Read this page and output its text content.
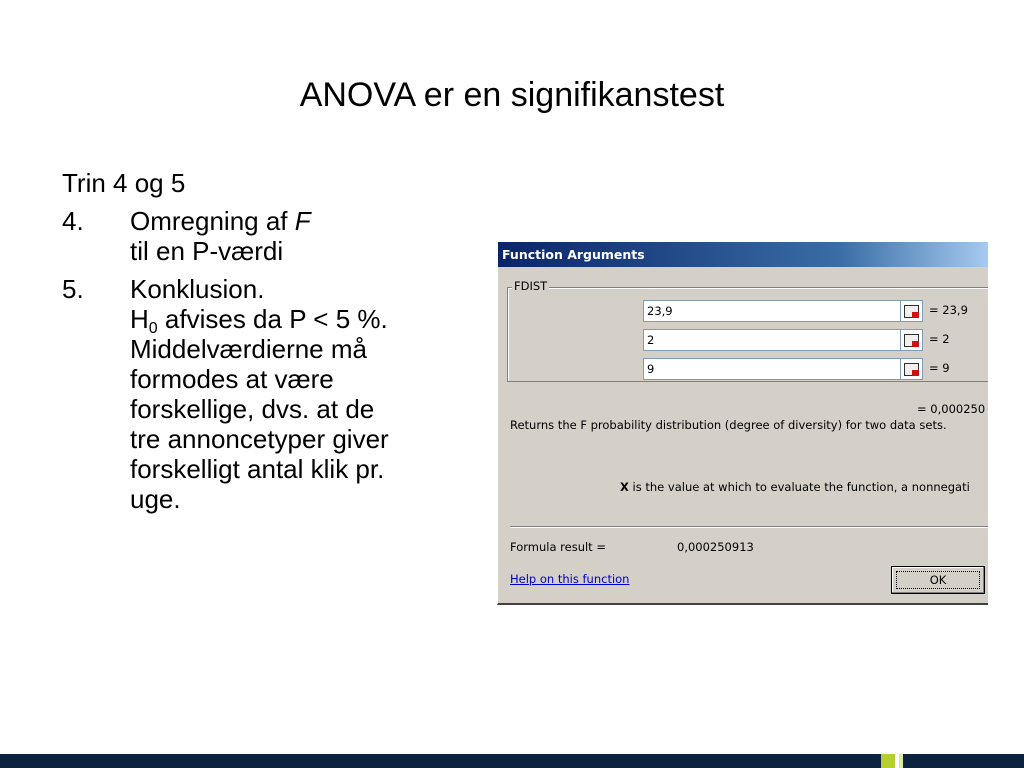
ANOVA er en signifikanstest
Trin 4 og 5
4.	Omregning af F
til en P-værdi
5.	Konklusion.
$H_0$ afvises da P < 5 %.
Middelværdierne må
formodes at være
forskellige, dvs. at de
tre annoncetyper giver
forskelligt antal klik pr.
uge.
Function Arguments
23,9	= 23,9
2	= 2
9	= 9
FDIST
= 0,000250
Returns the F probability distribution (degree of diversity) for two data sets.
X is the value at which to evaluate the function, a nonnegati
Formula result =	0,000250913
Help on this function	OK
